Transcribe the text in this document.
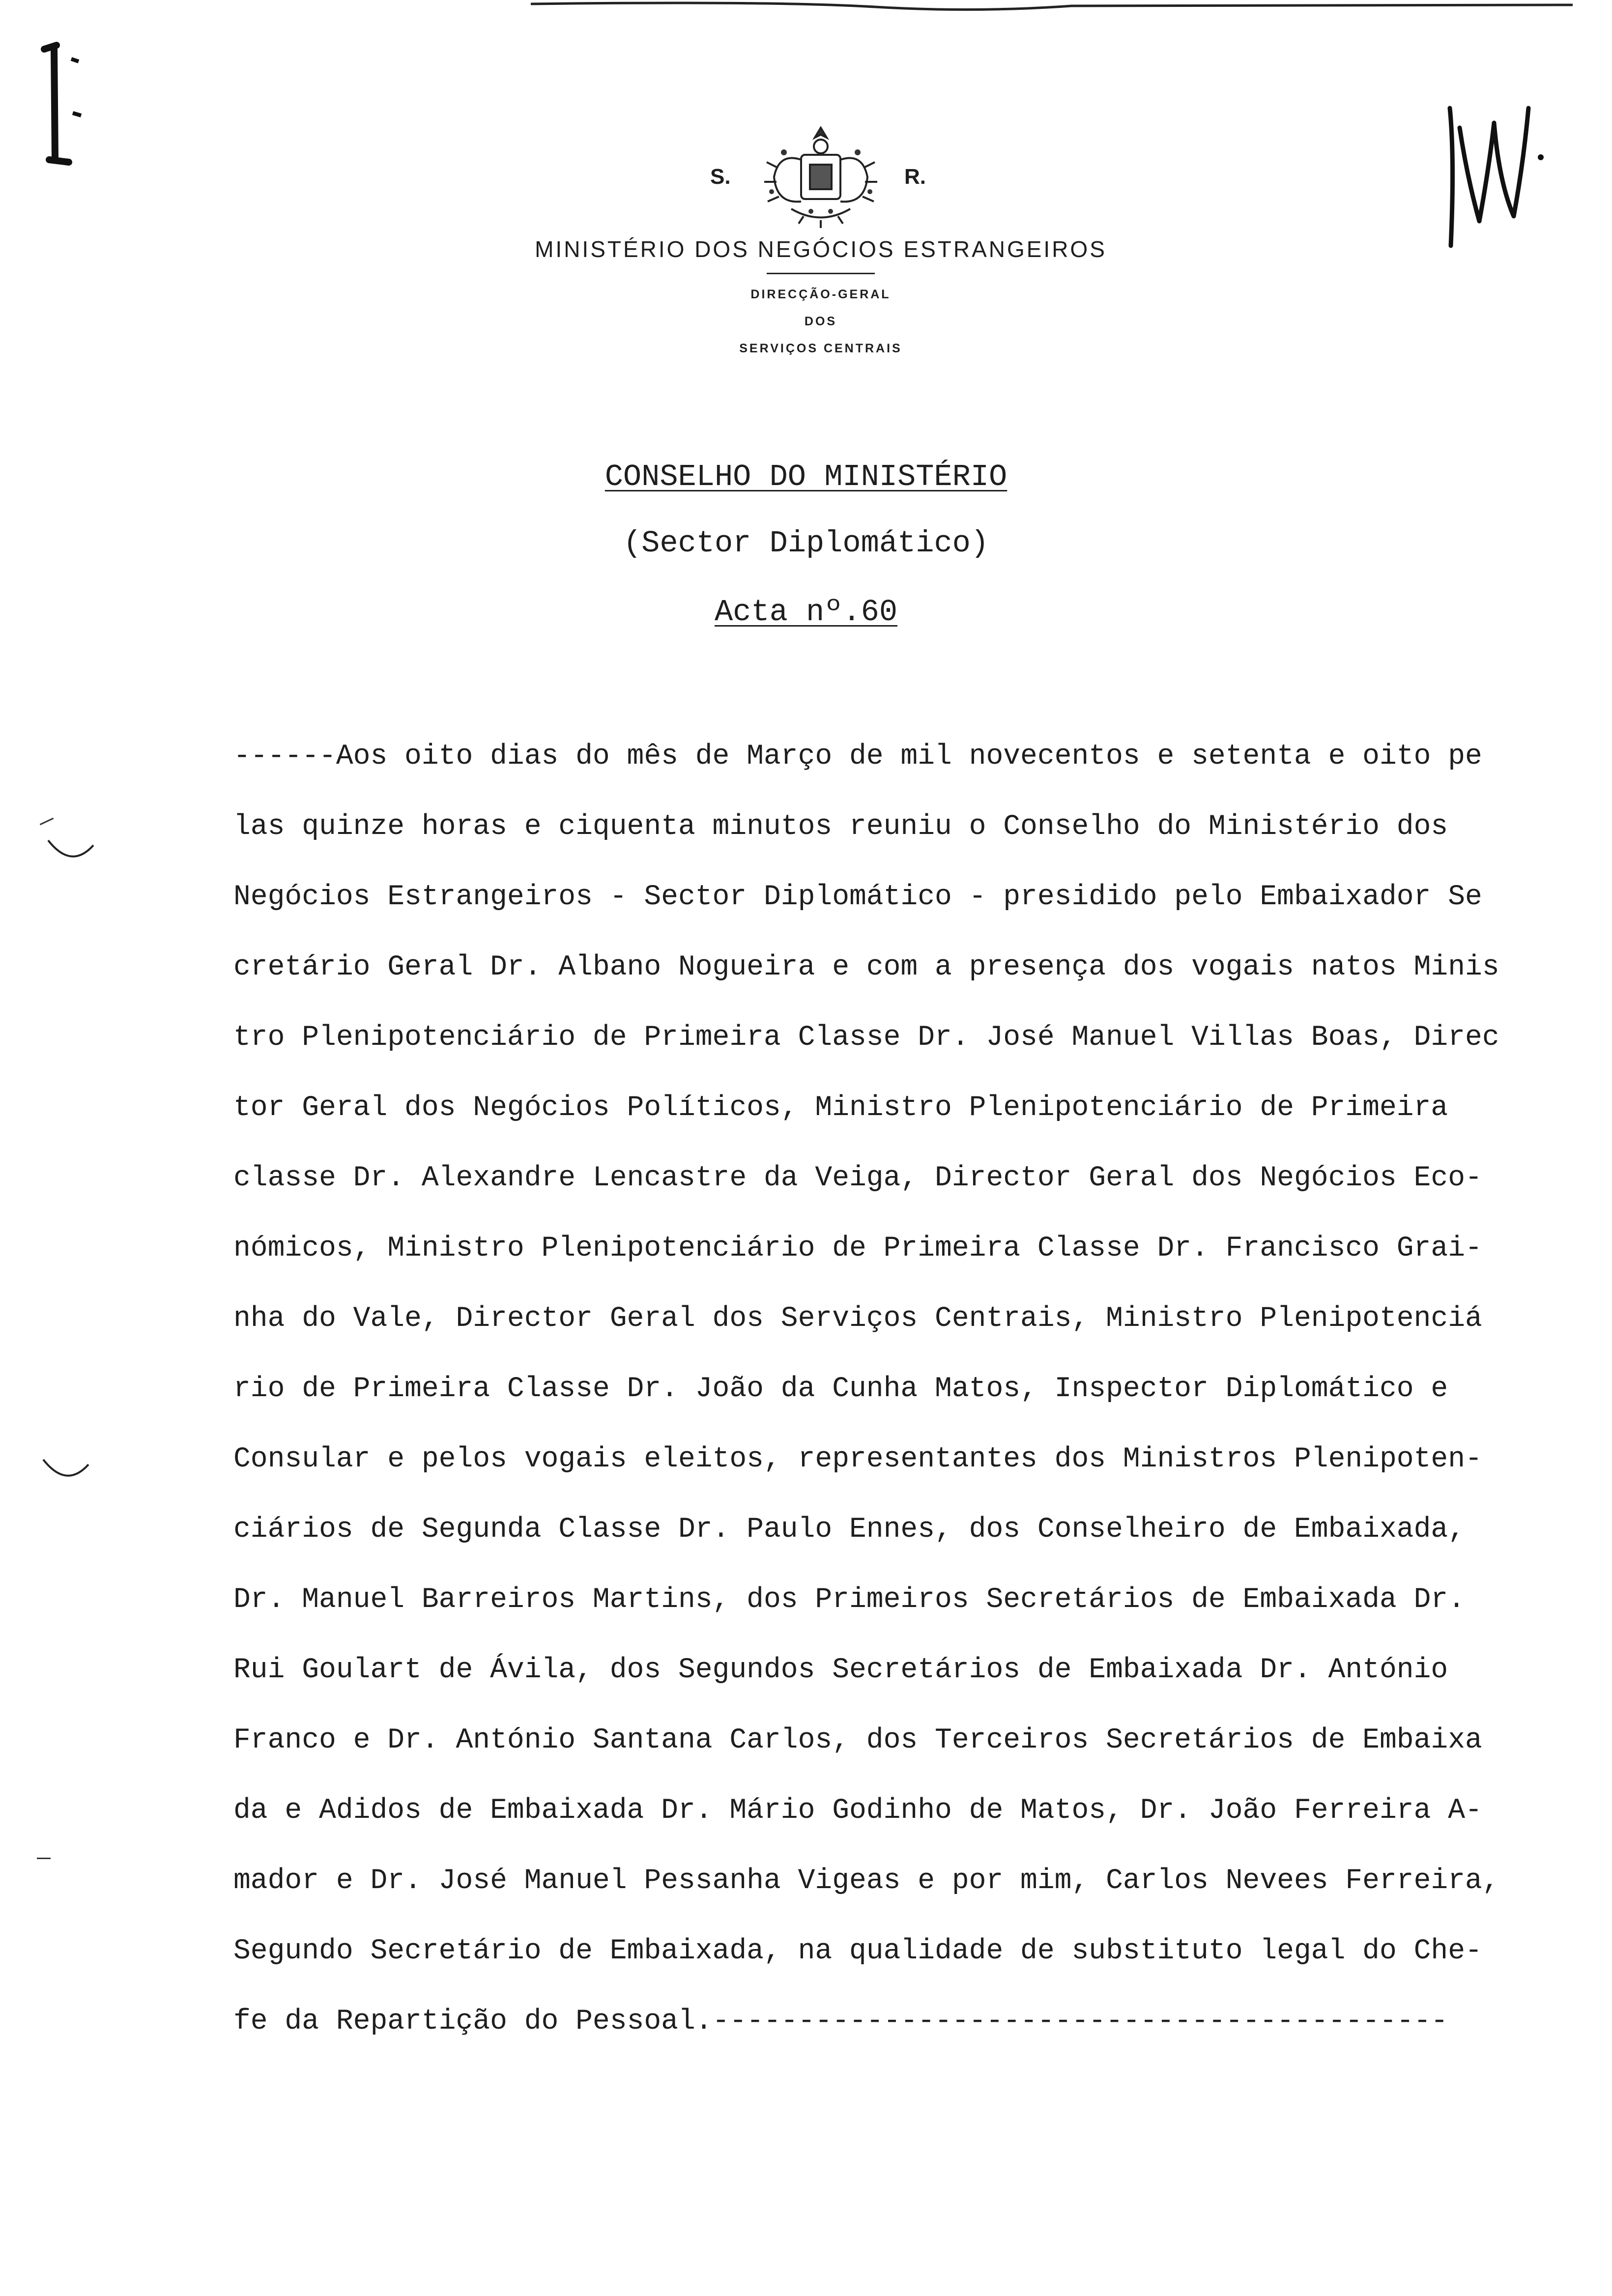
S.	R.
MINISTÉRIO DOS NEGÓCIOS ESTRANGEIROS
DIRECÇÃO-GERAL
DOS
SERVIÇOS CENTRAIS
CONSELHO DO MINISTÉRIO
(Sector Diplomático)
Acta nº.60
------Aos oito dias do mês de Março de mil novecentos e setenta e oito pe
las quinze horas e ciquenta minutos reuniu o Conselho do Ministério dos
Negócios Estrangeiros - Sector Diplomático - presidido pelo Embaixador Se
cretário Geral Dr. Albano Nogueira e com a presença dos vogais natos Minis
tro Plenipotenciário de Primeira Classe Dr. José Manuel Villas Boas, Direc
tor Geral dos Negócios Políticos, Ministro Plenipotenciário de Primeira
classe Dr. Alexandre Lencastre da Veiga, Director Geral dos Negócios Eco-
nómicos, Ministro Plenipotenciário de Primeira Classe Dr. Francisco Grai-
nha do Vale, Director Geral dos Serviços Centrais, Ministro Plenipotenciá
rio de Primeira Classe Dr. João da Cunha Matos, Inspector Diplomático e
Consular e pelos vogais eleitos, representantes dos Ministros Plenipoten-
ciários de Segunda Classe Dr. Paulo Ennes, dos Conselheiro de Embaixada,
Dr. Manuel Barreiros Martins, dos Primeiros Secretários de Embaixada Dr.
Rui Goulart de Ávila, dos Segundos Secretários de Embaixada Dr. António
Franco e Dr. António Santana Carlos, dos Terceiros Secretários de Embaixa
da e Adidos de Embaixada Dr. Mário Godinho de Matos, Dr. João Ferreira A-
mador e Dr. José Manuel Pessanha Vigeas e por mim, Carlos Nevees Ferreira,
Segundo Secretário de Embaixada, na qualidade de substituto legal do Che-
fe da Repartição do Pessoal.-------------------------------------------
